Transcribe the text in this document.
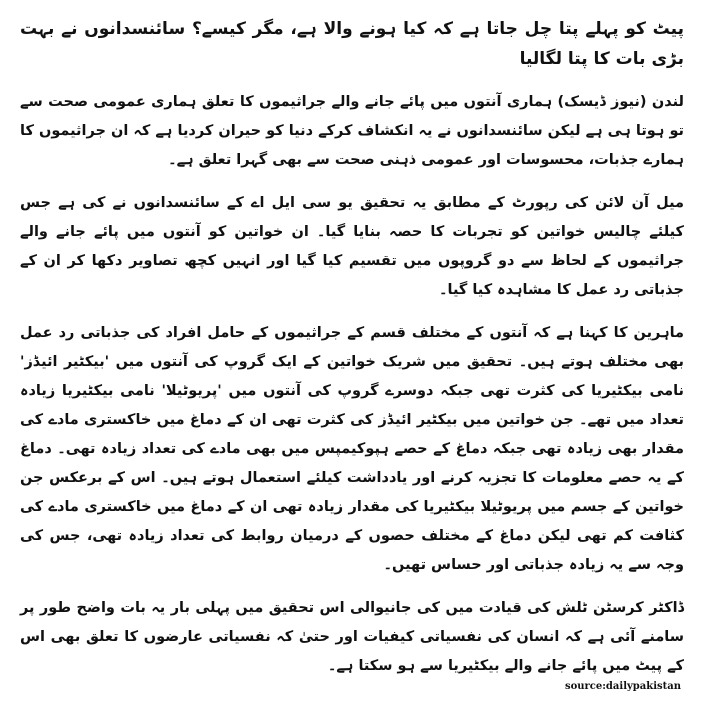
پیٹ کو پہلے پتا چل جاتا ہے کہ کیا ہونے والا ہے، مگر کیسے؟ سائنسدانوں نے بہت بڑی بات کا پتا لگالیا

لندن (نیوز ڈیسک) ہماری آنتوں میں پائے جانے والے جراثیموں کا تعلق ہماری عمومی صحت سے تو ہوتا ہی ہے لیکن سائنسدانوں نے یہ انکشاف کرکے دنیا کو حیران کردیا ہے کہ ان جراثیموں کا ہمارے جذبات، محسوسات اور عمومی ذہنی صحت سے بھی گہرا تعلق ہے۔

میل آن لائن کی رپورٹ کے مطابق یہ تحقیق یو سی ایل اے کے سائنسدانوں نے کی ہے جس کیلئے چالیس خواتین کو تجربات کا حصہ بنایا گیا۔ ان خواتین کو آنتوں میں پائے جانے والے جراثیموں کے لحاظ سے دو گروپوں میں تقسیم کیا گیا اور انہیں کچھ تصاویر دکھا کر ان کے جذباتی رد عمل کا مشاہدہ کیا گیا۔

ماہرین کا کہنا ہے کہ آنتوں کے مختلف قسم کے جراثیموں کے حامل افراد کی جذباتی رد عمل بھی مختلف ہوتے ہیں۔ تحقیق میں شریک خواتین کے ایک گروپ کی آنتوں میں 'بیکٹیر ائیڈز' نامی بیکٹیریا کی کثرت تھی جبکہ دوسرے گروپ کی آنتوں میں 'پریوٹیلا' نامی بیکٹیریا زیادہ تعداد میں تھے۔ جن خواتین میں بیکٹیر ائیڈز کی کثرت تھی ان کے دماغ میں خاکستری مادے کی مقدار بھی زیادہ تھی جبکہ دماغ کے حصے ہپوکیمپس میں بھی مادے کی تعداد زیادہ تھی۔ دماغ کے یہ حصے معلومات کا تجزیہ کرنے اور یادداشت کیلئے استعمال ہوتے ہیں۔ اس کے برعکس جن خواتین کے جسم میں پریوٹیلا بیکٹیریا کی مقدار زیادہ تھی ان کے دماغ میں خاکستری مادے کی کثافت کم تھی لیکن دماغ کے مختلف حصوں کے درمیان روابط کی تعداد زیادہ تھی، جس کی وجہ سے یہ زیادہ جذباتی اور حساس تھیں۔

ڈاکٹر کرسٹن ٹلش کی قیادت میں کی جانیوالی اس تحقیق میں پہلی بار یہ بات واضح طور پر سامنے آئی ہے کہ انسان کی نفسیاتی کیفیات اور حتیٰ کہ نفسیاتی عارضوں کا تعلق بھی اس کے پیٹ میں پائے جانے والے بیکٹیریا سے ہو سکتا ہے۔

source:dailypakistan
